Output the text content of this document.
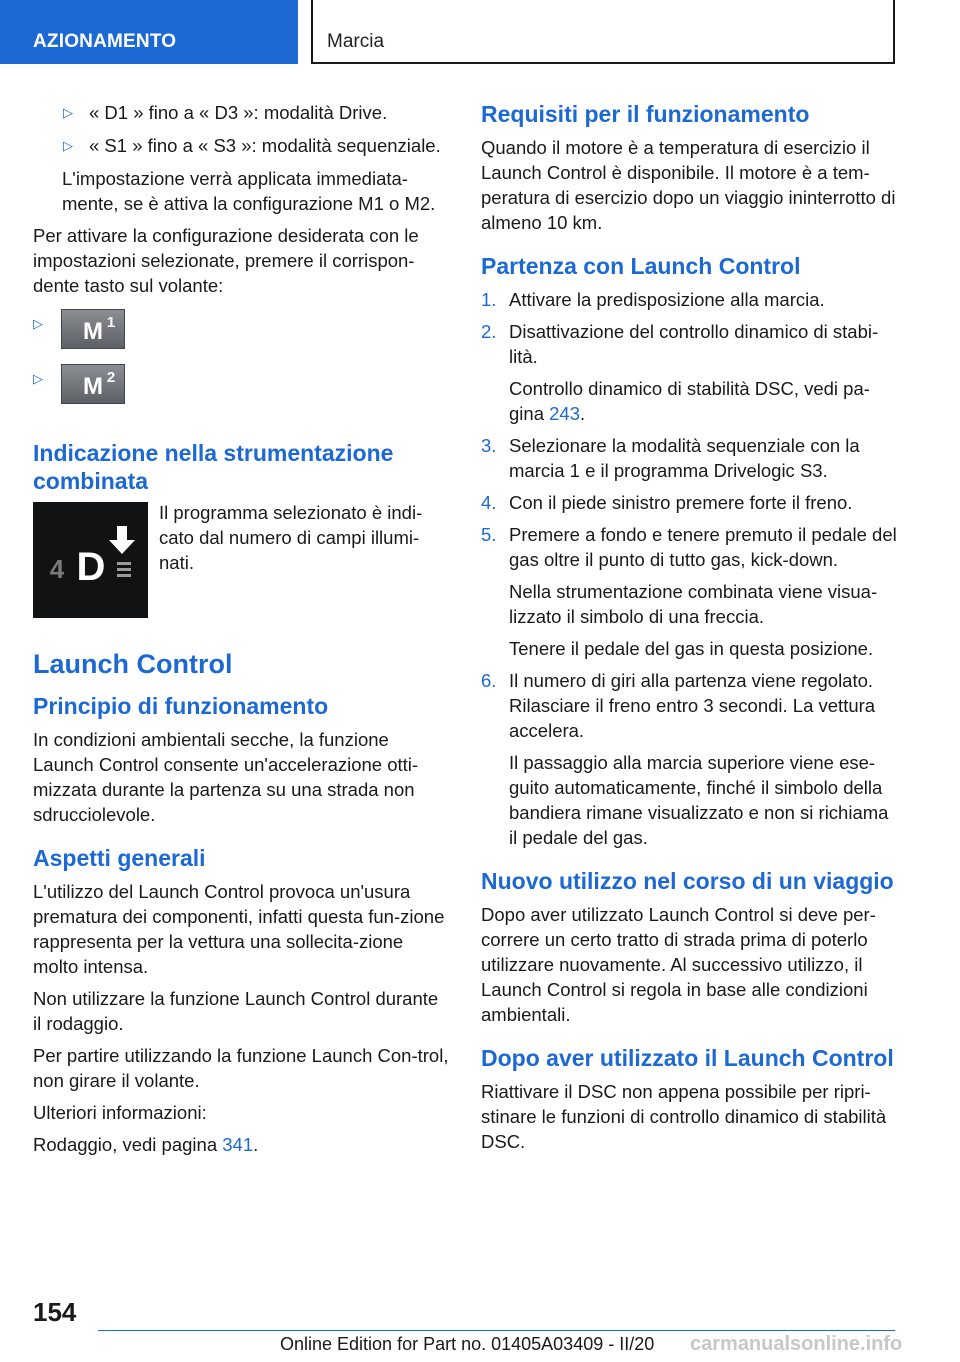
AZIONAMENTO	Marcia
▷ « D1 » fino a « D3 »: modalità Drive.
▷ « S1 » fino a « S3 »: modalità sequenziale.

L'impostazione verrà applicata immediata-mente, se è attiva la configurazione M1 o M2.

Per attivare la configurazione desiderata con le impostazioni selezionate, premere il corrispon-dente tasto sul volante:

▷ M 1
▷ M 2
Indicazione nella strumentazione combinata
4 D
Il programma selezionato è indi-cato dal numero di campi illumi-nati.
Launch Control
Principio di funzionamento

In condizioni ambientali secche, la funzione Launch Control consente un'accelerazione otti-mizzata durante la partenza su una strada non sdrucciolevole.

Aspetti generali

L'utilizzo del Launch Control provoca un'usura prematura dei componenti, infatti questa fun-zione rappresenta per la vettura una sollecita-zione molto intensa.

Non utilizzare la funzione Launch Control durante il rodaggio.

Per partire utilizzando la funzione Launch Con-trol, non girare il volante.

Ulteriori informazioni:

Rodaggio, vedi pagina 341.

Requisiti per il funzionamento

Quando il motore è a temperatura di esercizio il Launch Control è disponibile. Il motore è a tem-peratura di esercizio dopo un viaggio ininterrotto di almeno 10 km.

Partenza con Launch Control
1. Attivare la predisposizione alla marcia.
2. Disattivazione del controllo dinamico di stabi-lità.

Controllo dinamico di stabilità DSC, vedi pa-gina 243.

3. Selezionare la modalità sequenziale con la marcia 1 e il programma Drivelogic S3.
4. Con il piede sinistro premere forte il freno.
5. Premere a fondo e tenere premuto il pedale del gas oltre il punto di tutto gas, kick-down.

Nella strumentazione combinata viene visua-lizzato il simbolo di una freccia.

Tenere il pedale del gas in questa posizione.

6. Il numero di giri alla partenza viene regolato. Rilasciare il freno entro 3 secondi. La vettura accelera.

Il passaggio alla marcia superiore viene ese-guito automaticamente, finché il simbolo della bandiera rimane visualizzato e non si richiama il pedale del gas.

Nuovo utilizzo nel corso di un viaggio

Dopo aver utilizzato Launch Control si deve per-correre un certo tratto di strada prima di poterlo utilizzare nuovamente. Al successivo utilizzo, il Launch Control si regola in base alle condizioni ambientali.

Dopo aver utilizzato il Launch Control

Riattivare il DSC non appena possibile per ripri-stinare le funzioni di controllo dinamico di stabilità DSC.

154
Online Edition for Part no. 01405A03409 - II/20 carmanualsonline.info
